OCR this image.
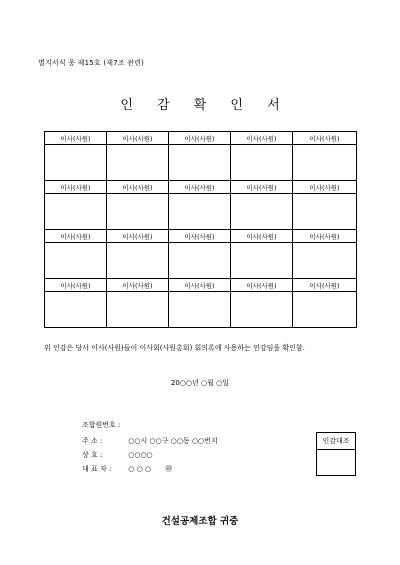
별지서식 웅 제15호 (제7조 관련)
인 감 확 인 서
이사(사원)	이사(사원)	이사(사원)	이사(사원)	이사(사원)

이사(사원)	이사(사원)	이사(사원)	이사(사원)	이사(사원)

이사(사원)	이사(사원)	이사(사원)	이사(사원)	이사(사원)

이사(사원)	이사(사원)	이사(사원)	이사(사원)	이사(사원)

위 인감은 당사 이사(사원)들이 이사회(사원총회) 회의록에 사용하는 인감임을 확인함.
20○○년 ○월 ○일
조합원번호 :
주 소 :	○○시 ○○구 ○○동 ○○번지
상 호 :	○○○○
대 표 자 : ○ ○ ○ ㊞
인감대조
건설공제조합 귀중
